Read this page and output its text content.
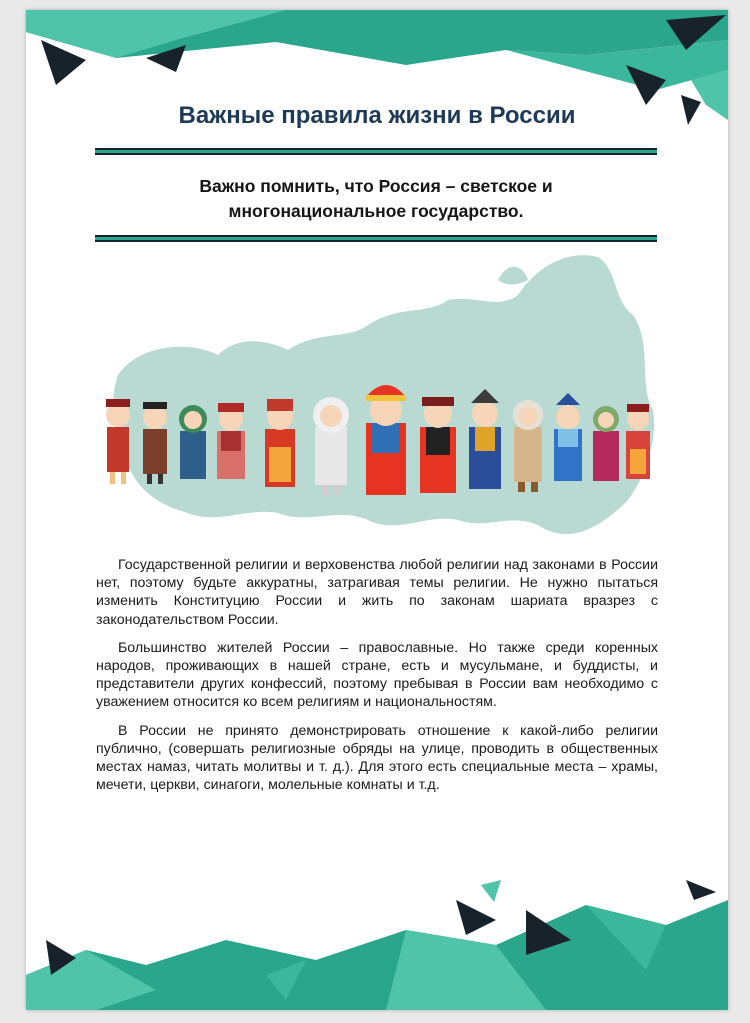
Важные правила жизни в России
Важно помнить, что Россия – светское и
многонациональное государство.

Государственной религии и верховенства любой религии над законами в России нет, поэтому будьте аккуратны, затрагивая темы религии. Не нужно пытаться изменить Конституцию России и жить по законам шариата вразрез с законодательством России.

Большинство жителей России – православные. Но также среди коренных народов, проживающих в нашей стране, есть и мусульмане, и буддисты, и представители других конфессий, поэтому пребывая в России вам необходимо с уважением относится ко всем религиям и национальностям.

В России не принято демонстрировать отношение к какой-либо религии публично, (совершать религиозные обряды на улице, проводить в общественных местах намаз, читать молитвы и т. д.). Для этого есть специальные места – храмы, мечети, церкви, синагоги, молельные комнаты и т.д.
